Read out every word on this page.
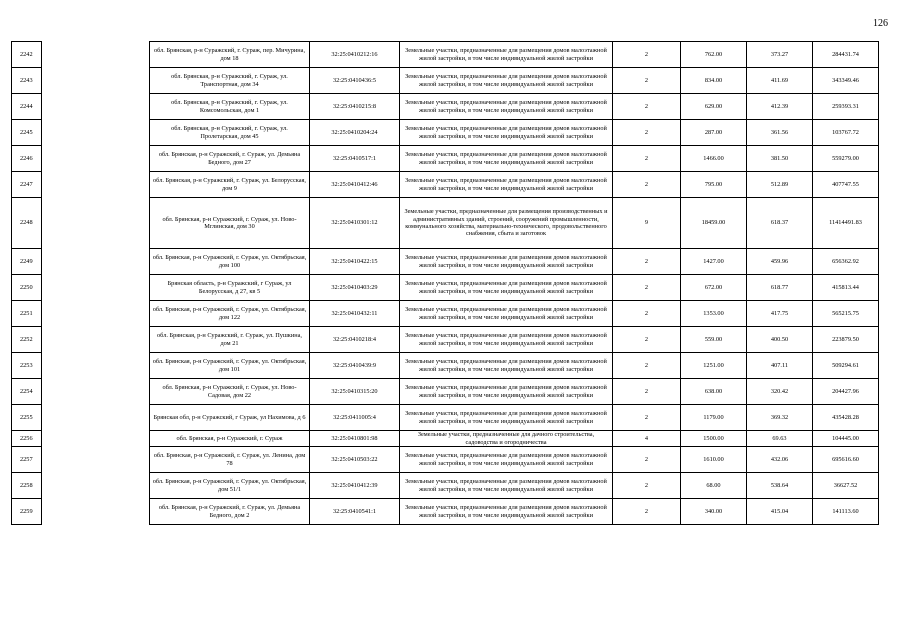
126
2242		обл. Брянская, р-н Суражский, г. Сураж, пер. Мичурина, дом 18	32:25:0410212:16	Земельные участки, предназначенные для размещения домов малоэтажной жилой застройки, в том числе индивидуальной жилой застройки	2	762.00	373.27	284431.74
2243		обл. Брянская, р-н Суражский, г. Сураж, ул. Транспортная, дом 34	32:25:0410436:5	Земельные участки, предназначенные для размещения домов малоэтажной жилой застройки, в том числе индивидуальной жилой застройки	2	834.00	411.69	343349.46
2244		обл. Брянская, р-н Суражский, г. Сураж, ул. Комсомольская, дом 1	32:25:0410215:8	Земельные участки, предназначенные для размещения домов малоэтажной жилой застройки, в том числе индивидуальной жилой застройки	2	629.00	412.39	259393.31
2245		обл. Брянская, р-н Суражский, г. Сураж, ул. Пролетарская, дом 45	32:25:0410204:24	Земельные участки, предназначенные для размещения домов малоэтажной жилой застройки, в том числе индивидуальной жилой застройки	2	287.00	361.56	103767.72
2246		обл. Брянская, р-н Суражский, г. Сураж, ул. Демьяна Бедного, дом 27	32:25:0410517:1	Земельные участки, предназначенные для размещения домов малоэтажной жилой застройки, в том числе индивидуальной жилой застройки	2	1466.00	381.50	559279.00
2247		обл. Брянская, р-н Суражский, г. Сураж, ул. Белорусская, дом 9	32:25:0410412:46	Земельные участки, предназначенные для размещения домов малоэтажной жилой застройки, в том числе индивидуальной жилой застройки	2	795.00	512.89	407747.55
2248		обл. Брянская, р-н Суражский, г. Сураж, ул. Ново-Мглинская, дом 30	32:25:0410301:12	Земельные участки, предназначенные для размещения производственных и административных зданий, строений, сооружений промышленности, коммунального хозяйства, материально-технического, продовольственного снабжения, сбыта и заготовок	9	18459.00	618.37	11414491.83
2249		обл. Брянская, р-н Суражский, г. Сураж, ул. Октябрьская, дом 100	32:25:0410422:15	Земельные участки, предназначенные для размещения домов малоэтажной жилой застройки, в том числе индивидуальной жилой застройки	2	1427.00	459.96	656362.92
2250		Брянская область, р-н Суражский, г Сураж, ул Белорусская, д 27, кв 5	32:25:0410403:29	Земельные участки, предназначенные для размещения домов малоэтажной жилой застройки, в том числе индивидуальной жилой застройки	2	672.00	618.77	415813.44
2251		обл. Брянская, р-н Суражский, г. Сураж, ул. Октябрьская, дом 122	32:25:0410432:11	Земельные участки, предназначенные для размещения домов малоэтажной жилой застройки, в том числе индивидуальной жилой застройки	2	1353.00	417.75	565215.75
2252		обл. Брянская, р-н Суражский, г. Сураж, ул. Пушкина, дом 21	32:25:0410218:4	Земельные участки, предназначенные для размещения домов малоэтажной жилой застройки, в том числе индивидуальной жилой застройки	2	559.00	400.50	223879.50
2253		обл. Брянская, р-н Суражский, г. Сураж, ул. Октябрьская, дом 101	32:25:0410439:9	Земельные участки, предназначенные для размещения домов малоэтажной жилой застройки, в том числе индивидуальной жилой застройки	2	1251.00	407.11	509294.61
2254		обл. Брянская, р-н Суражский, г. Сураж, ул. Ново-Садовая, дом 22	32:25:0410315:20	Земельные участки, предназначенные для размещения домов малоэтажной жилой застройки, в том числе индивидуальной жилой застройки	2	638.00	320.42	204427.96
2255		Брянская обл, р-н Суражский, г Сураж, ул Нахимова, д 6	32:25:0411005:4	Земельные участки, предназначенные для размещения домов малоэтажной жилой застройки, в том числе индивидуальной жилой застройки	2	1179.00	369.32	435428.28
2256		обл. Брянская, р-н Суражский, г. Сураж	32:25:0410801:98	Земельные участки, предназначенные для дачного строительства, садоводства и огородничества	4	1500.00	69.63	104445.00
2257		обл. Брянская, р-н Суражский, г. Сураж, ул. Ленина, дом 78	32:25:0410503:22	Земельные участки, предназначенные для размещения домов малоэтажной жилой застройки, в том числе индивидуальной жилой застройки	2	1610.00	432.06	695616.60
2258		обл. Брянская, р-н Суражский, г. Сураж, ул. Октябрьская, дом 51/1	32:25:0410412:39	Земельные участки, предназначенные для размещения домов малоэтажной жилой застройки, в том числе индивидуальной жилой застройки	2	68.00	538.64	36627.52
2259		обл. Брянская, р-н Суражский, г. Сураж, ул. Демьяна Бедного, дом 2	32:25:0410541:1	Земельные участки, предназначенные для размещения домов малоэтажной жилой застройки, в том числе индивидуальной жилой застройки	2	340.00	415.04	141113.60
